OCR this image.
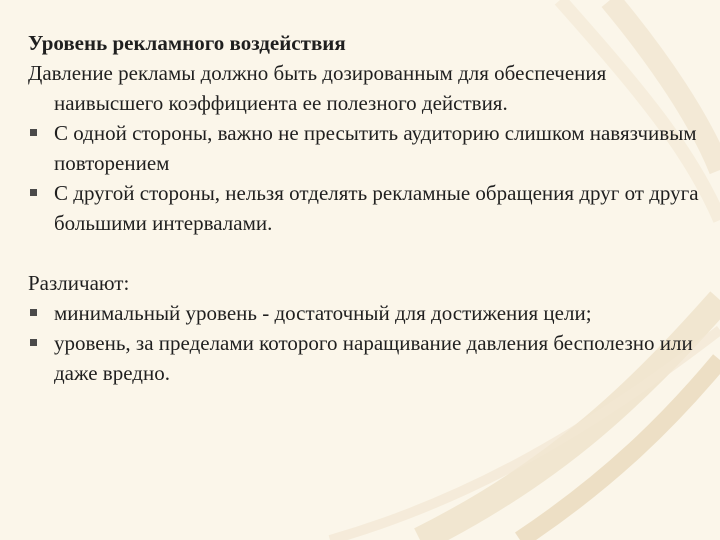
Уровень рекламного воздействия
Давление рекламы должно быть дозированным для обеспечения наивысшего коэффициента ее полезного действия.
С одной стороны, важно не пресытить аудиторию слишком навязчивым повторением
С другой стороны, нельзя отделять рекламные обращения друг от друга большими интервалами.
Различают:
минимальный уровень - достаточный для достижения цели;
уровень, за пределами которого наращивание давления бесполезно или даже вредно.
